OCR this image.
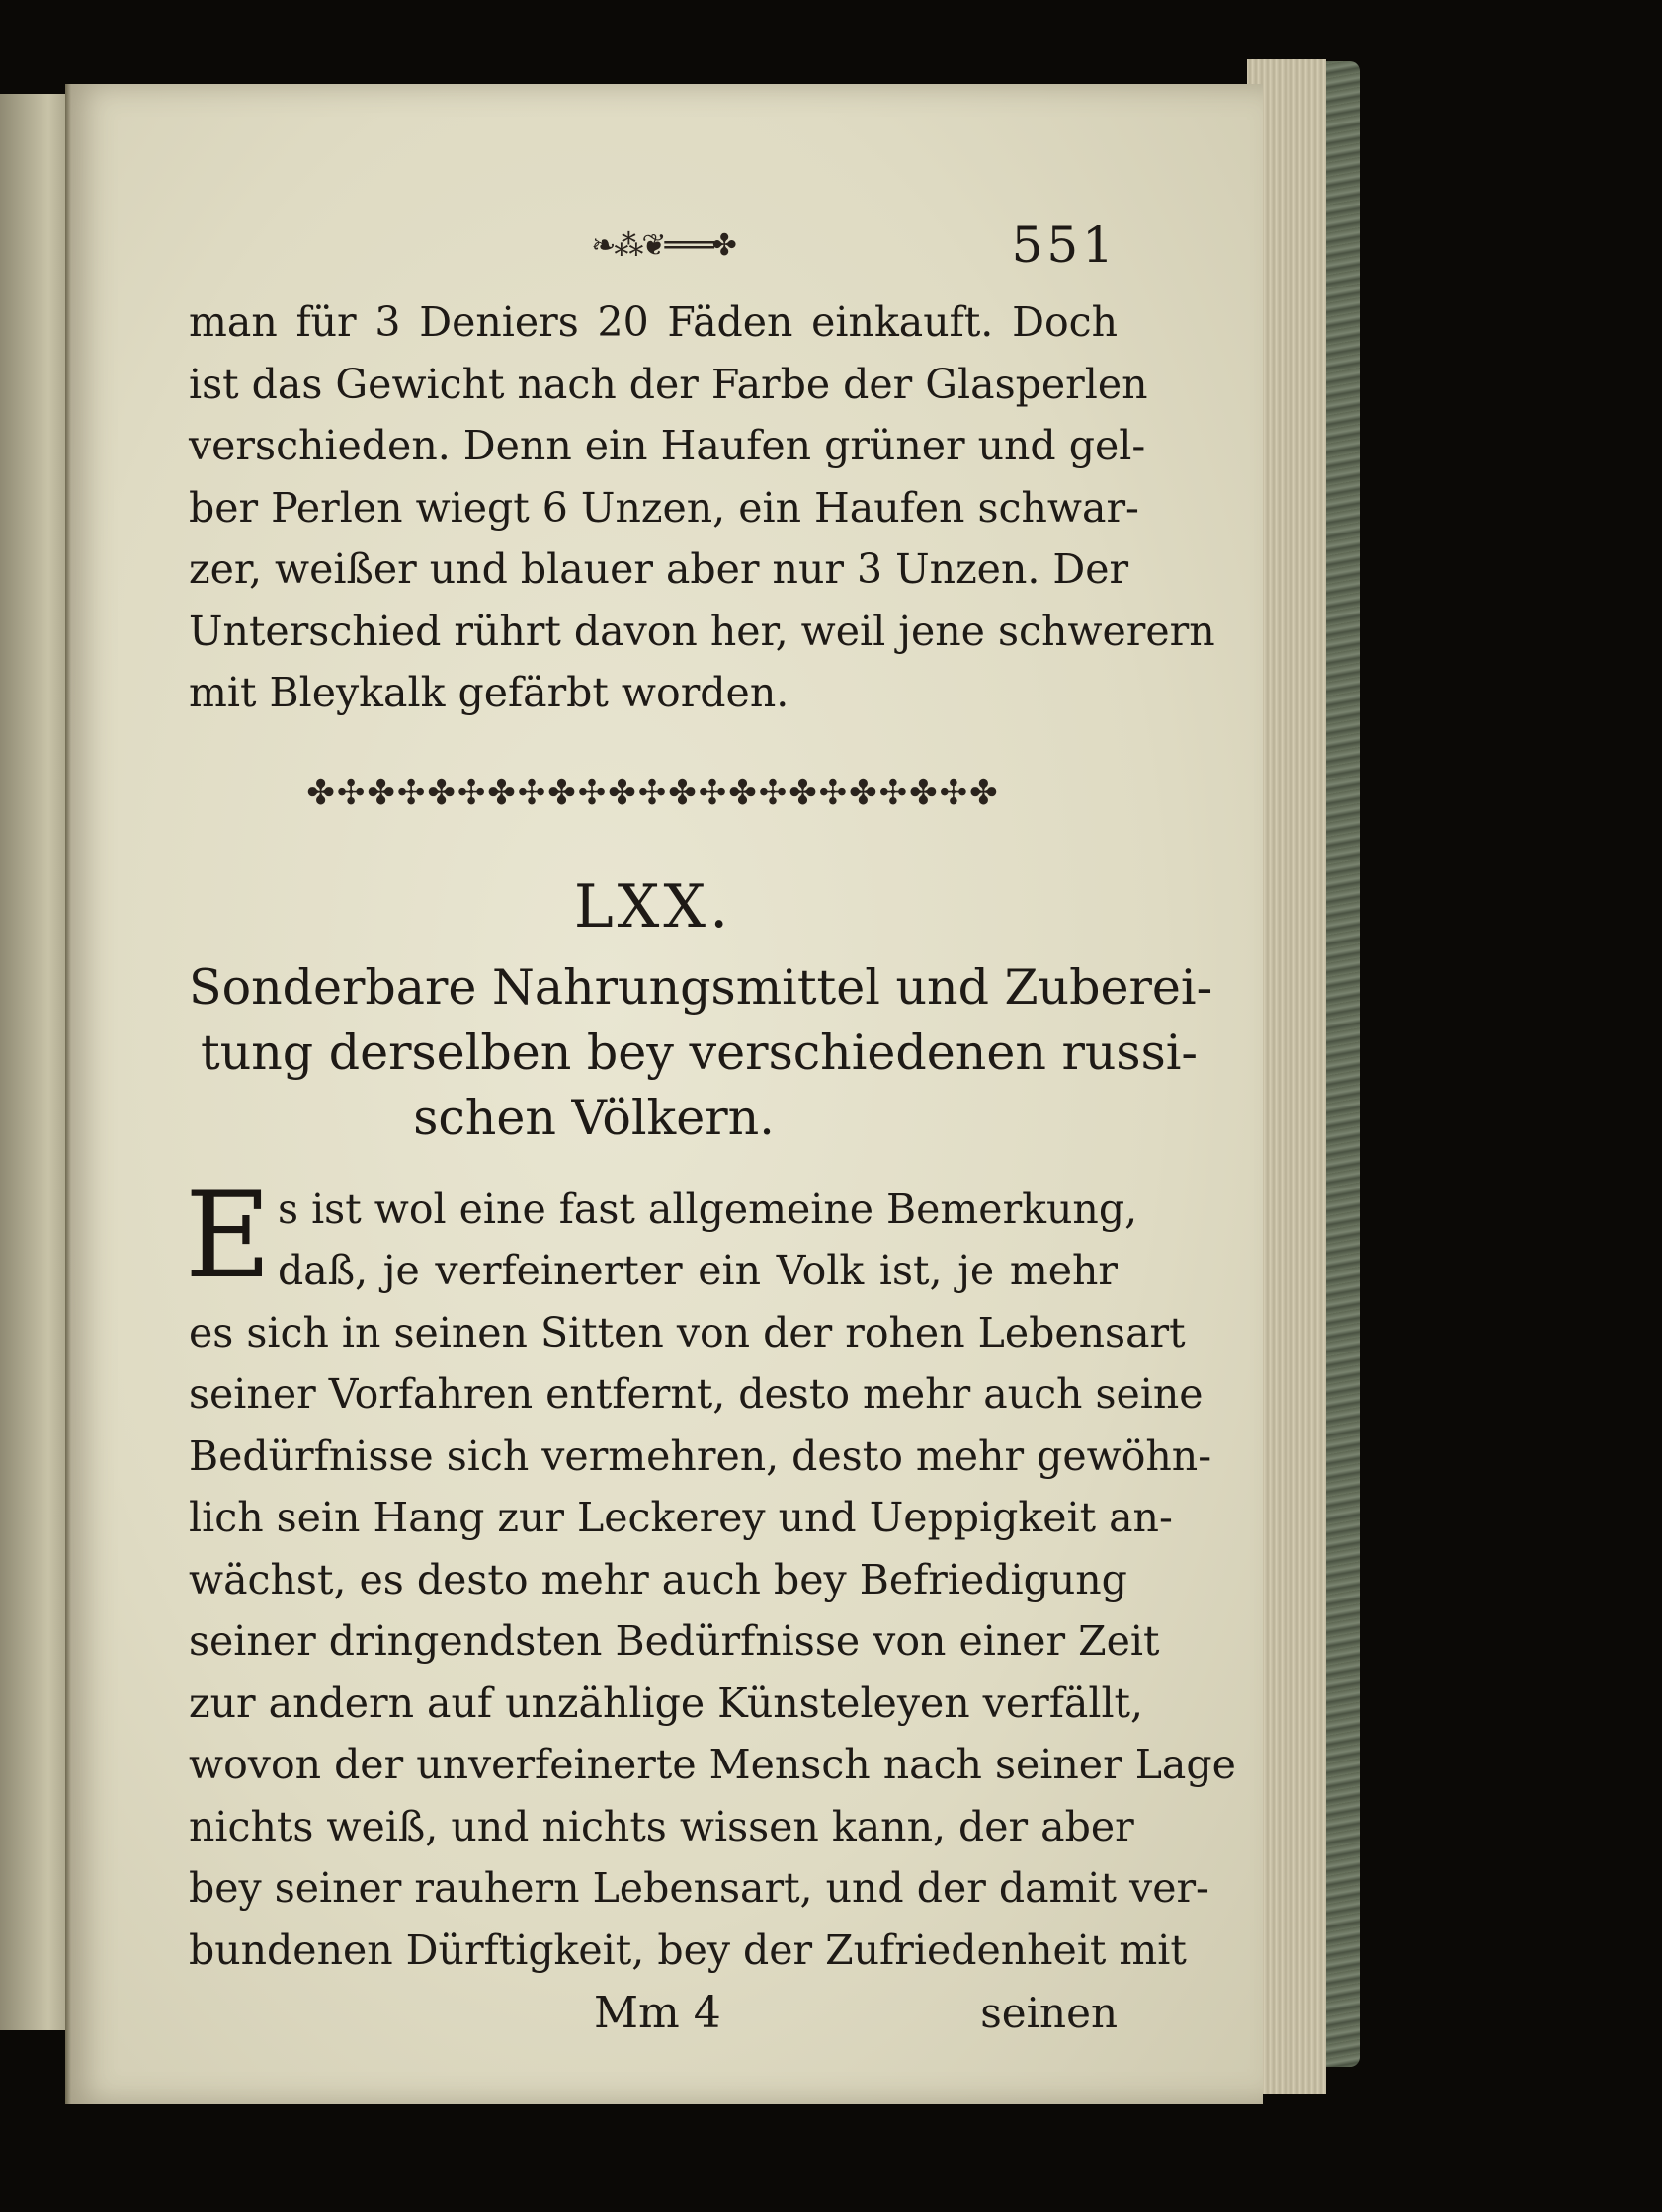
❧⁂❦═══✤	551
man für 3 Deniers 20 Fäden einkauft. Doch
ist das Gewicht nach der Farbe der Glasperlen
verschieden. Denn ein Haufen grüner und gel-
ber Perlen wiegt 6 Unzen, ein Haufen schwar-
zer, weißer und blauer aber nur 3 Unzen. Der
Unterschied rührt davon her, weil jene schwerern
mit Bleykalk gefärbt worden.
✤✣✤✣✤✣✤✣✤✣✤✣✤✣✤✣✤✣✤✣✤✣✤
LXX.
Sonderbare Nahrungsmittel und Zuberei-
tung derselben bey verschiedenen russi-
schen Völkern.
E s ist wol eine fast allgemeine Bemerkung,
daß, je verfeinerter ein Volk ist, je mehr
es sich in seinen Sitten von der rohen Lebensart
seiner Vorfahren entfernt, desto mehr auch seine
Bedürfnisse sich vermehren, desto mehr gewöhn-
lich sein Hang zur Leckerey und Ueppigkeit an-
wächst, es desto mehr auch bey Befriedigung
seiner dringendsten Bedürfnisse von einer Zeit
zur andern auf unzählige Künsteleyen verfällt,
wovon der unverfeinerte Mensch nach seiner Lage
nichts weiß, und nichts wissen kann, der aber
bey seiner rauhern Lebensart, und der damit ver-
bundenen Dürftigkeit, bey der Zufriedenheit mit
Mm 4	seinen
